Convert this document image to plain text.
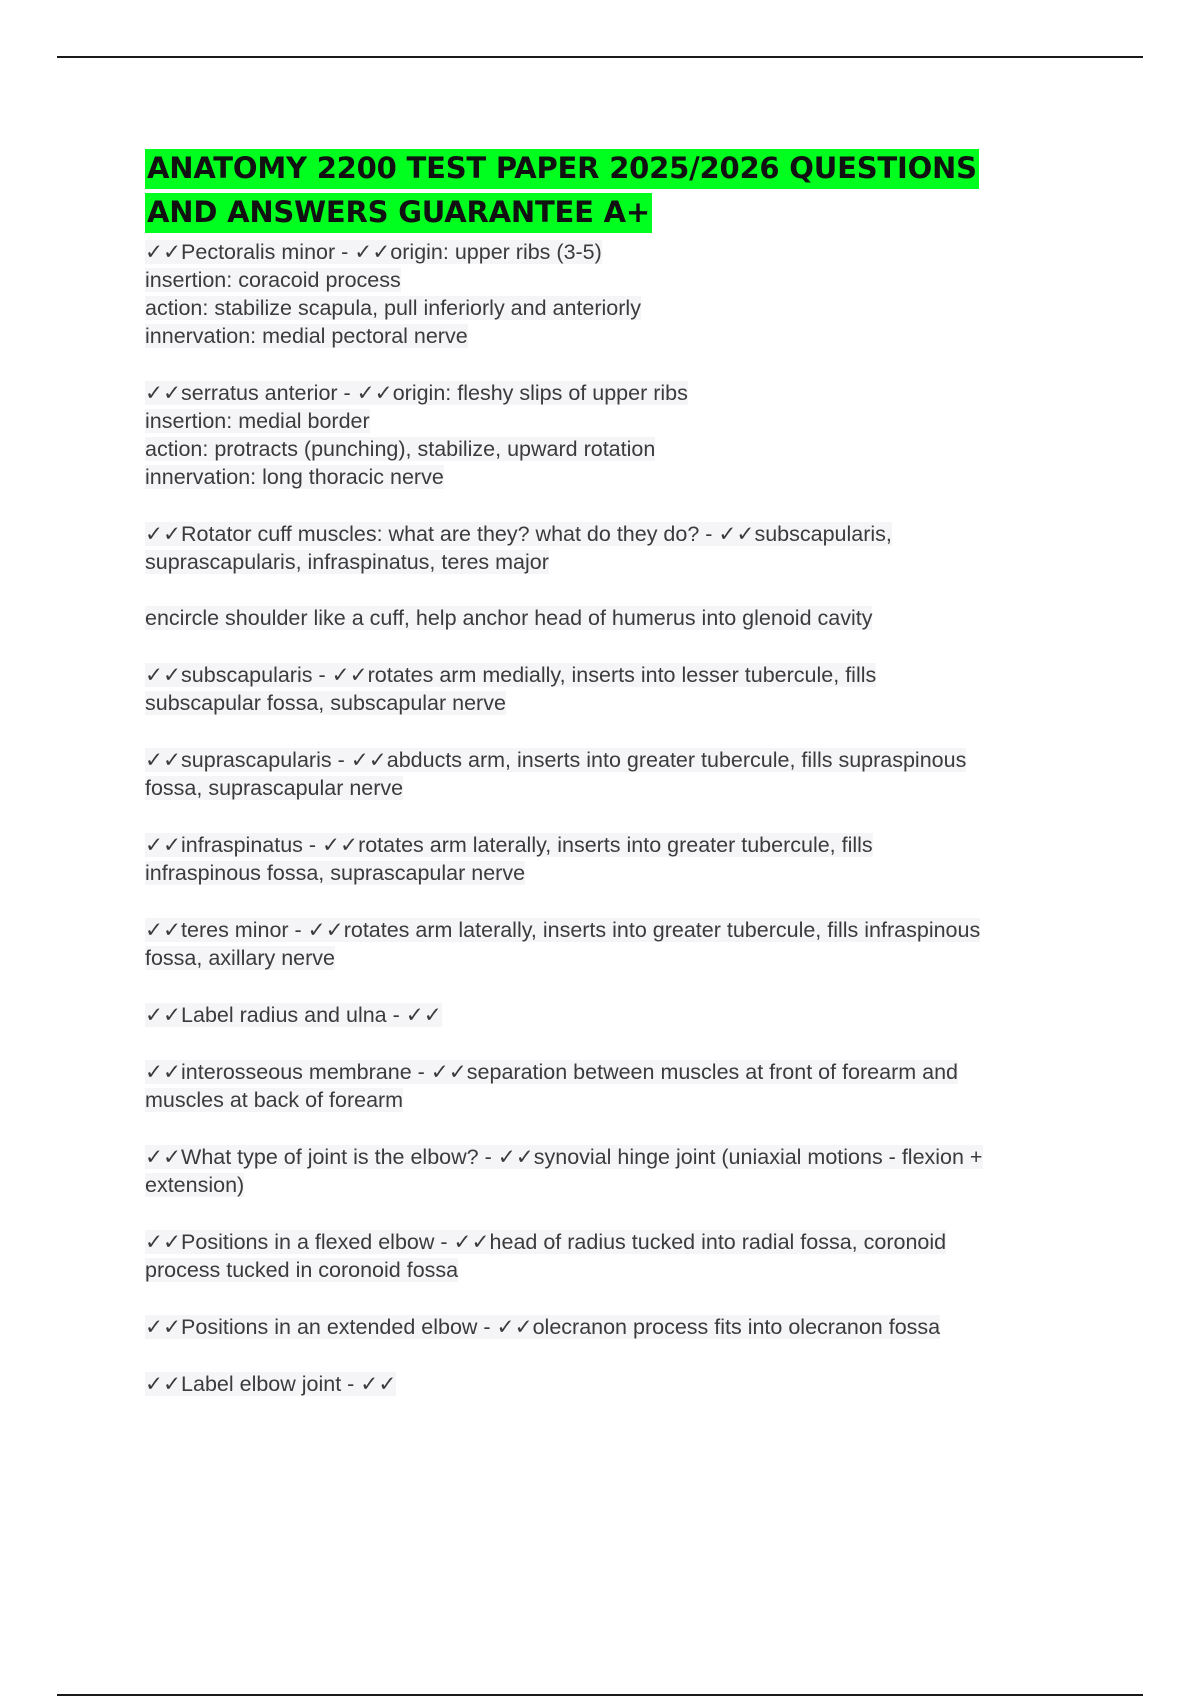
ANATOMY 2200 TEST PAPER 2025/2026 QUESTIONS
AND ANSWERS GUARANTEE A+
✓✓Pectoralis minor - ✓✓origin: upper ribs (3-5)
insertion: coracoid process
action: stabilize scapula, pull inferiorly and anteriorly
innervation: medial pectoral nerve
✓✓serratus anterior - ✓✓origin: fleshy slips of upper ribs
insertion: medial border
action: protracts (punching), stabilize, upward rotation
innervation: long thoracic nerve
✓✓Rotator cuff muscles: what are they? what do they do? - ✓✓subscapularis,
suprascapularis, infraspinatus, teres major
encircle shoulder like a cuff, help anchor head of humerus into glenoid cavity
✓✓subscapularis - ✓✓rotates arm medially, inserts into lesser tubercule, fills
subscapular fossa, subscapular nerve
✓✓suprascapularis - ✓✓abducts arm, inserts into greater tubercule, fills supraspinous
fossa, suprascapular nerve
✓✓infraspinatus - ✓✓rotates arm laterally, inserts into greater tubercule, fills
infraspinous fossa, suprascapular nerve
✓✓teres minor - ✓✓rotates arm laterally, inserts into greater tubercule, fills infraspinous
fossa, axillary nerve
✓✓Label radius and ulna - ✓✓
✓✓interosseous membrane - ✓✓separation between muscles at front of forearm and
muscles at back of forearm
✓✓What type of joint is the elbow? - ✓✓synovial hinge joint (uniaxial motions - flexion +
extension)
✓✓Positions in a flexed elbow - ✓✓head of radius tucked into radial fossa, coronoid
process tucked in coronoid fossa
✓✓Positions in an extended elbow - ✓✓olecranon process fits into olecranon fossa
✓✓Label elbow joint - ✓✓
